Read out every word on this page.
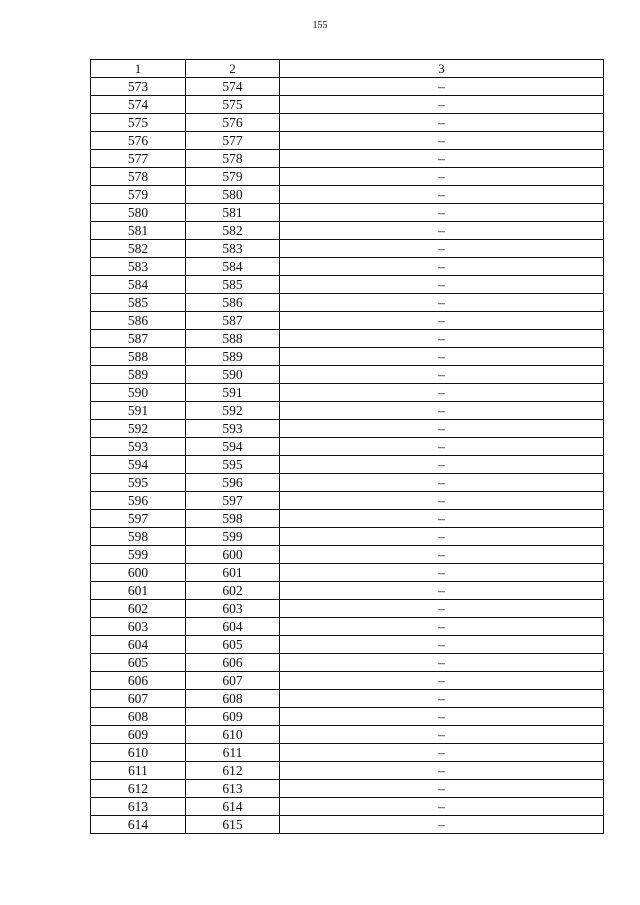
155
1	2	3
573	574	–
574	575	–
575	576	–
576	577	–
577	578	–
578	579	–
579	580	–
580	581	–
581	582	–
582	583	–
583	584	–
584	585	–
585	586	–
586	587	–
587	588	–
588	589	–
589	590	–
590	591	–
591	592	–
592	593	–
593	594	–
594	595	–
595	596	–
596	597	–
597	598	–
598	599	–
599	600	–
600	601	–
601	602	–
602	603	–
603	604	–
604	605	–
605	606	–
606	607	–
607	608	–
608	609	–
609	610	–
610	611	–
611	612	–
612	613	–
613	614	–
614	615	–
